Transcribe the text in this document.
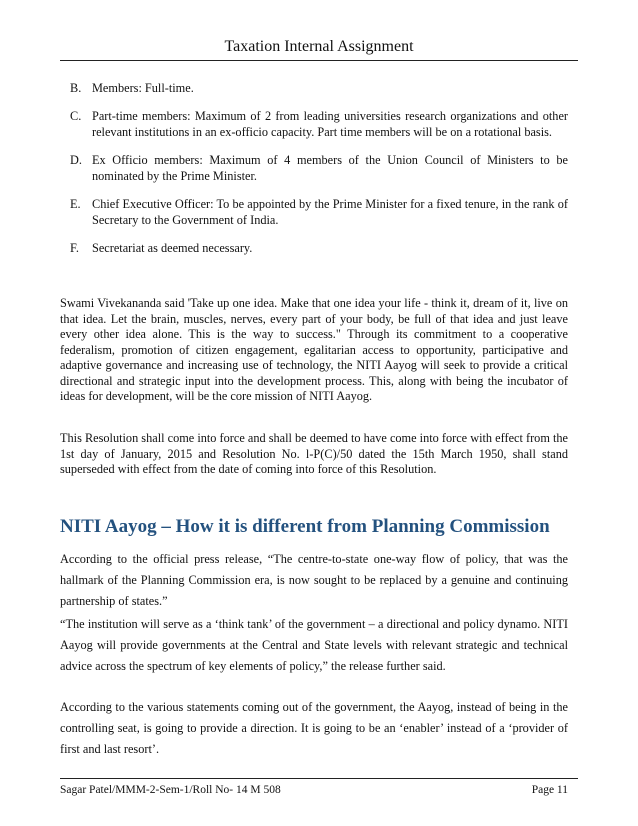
Taxation Internal Assignment
B. Members: Full-time.
C. Part-time members: Maximum of 2 from leading universities research organizations and other relevant institutions in an ex-officio capacity. Part time members will be on a rotational basis.
D. Ex Officio members: Maximum of 4 members of the Union Council of Ministers to be nominated by the Prime Minister.
E. Chief Executive Officer: To be appointed by the Prime Minister for a fixed tenure, in the rank of Secretary to the Government of India.
F.	Secretariat as deemed necessary.

Swami Vivekananda said 'Take up one idea. Make that one idea your life - think it, dream of it, live on that idea. Let the brain, muscles, nerves, every part of your body, be full of that idea and just leave every other idea alone. This is the way to success." Through its commitment to a cooperative federalism, promotion of citizen engagement, egalitarian access to opportunity, participative and adaptive governance and increasing use of technology, the NITI Aayog will seek to provide a critical directional and strategic input into the development process. This, along with being the incubator of ideas for development, will be the core mission of NITI Aayog.

This Resolution shall come into force and shall be deemed to have come into force with effect from the 1st day of January, 2015 and Resolution No. l-P(C)/50 dated the 15th March 1950, shall stand superseded with effect from the date of coming into force of this Resolution.

NITI Aayog – How it is different from Planning Commission

According to the official press release, “The centre-to-state one-way flow of policy, that was the hallmark of the Planning Commission era, is now sought to be replaced by a genuine and continuing partnership of states.”

“The institution will serve as a ‘think tank’ of the government – a directional and policy dynamo. NITI Aayog will provide governments at the Central and State levels with relevant strategic and technical advice across the spectrum of key elements of policy,” the release further said.

According to the various statements coming out of the government, the Aayog, instead of being in the controlling seat, is going to provide a direction. It is going to be an ‘enabler’ instead of a ‘provider of first and last resort’.

Sagar Patel/MMM-2-Sem-1/Roll No- 14 M 508	Page 11
